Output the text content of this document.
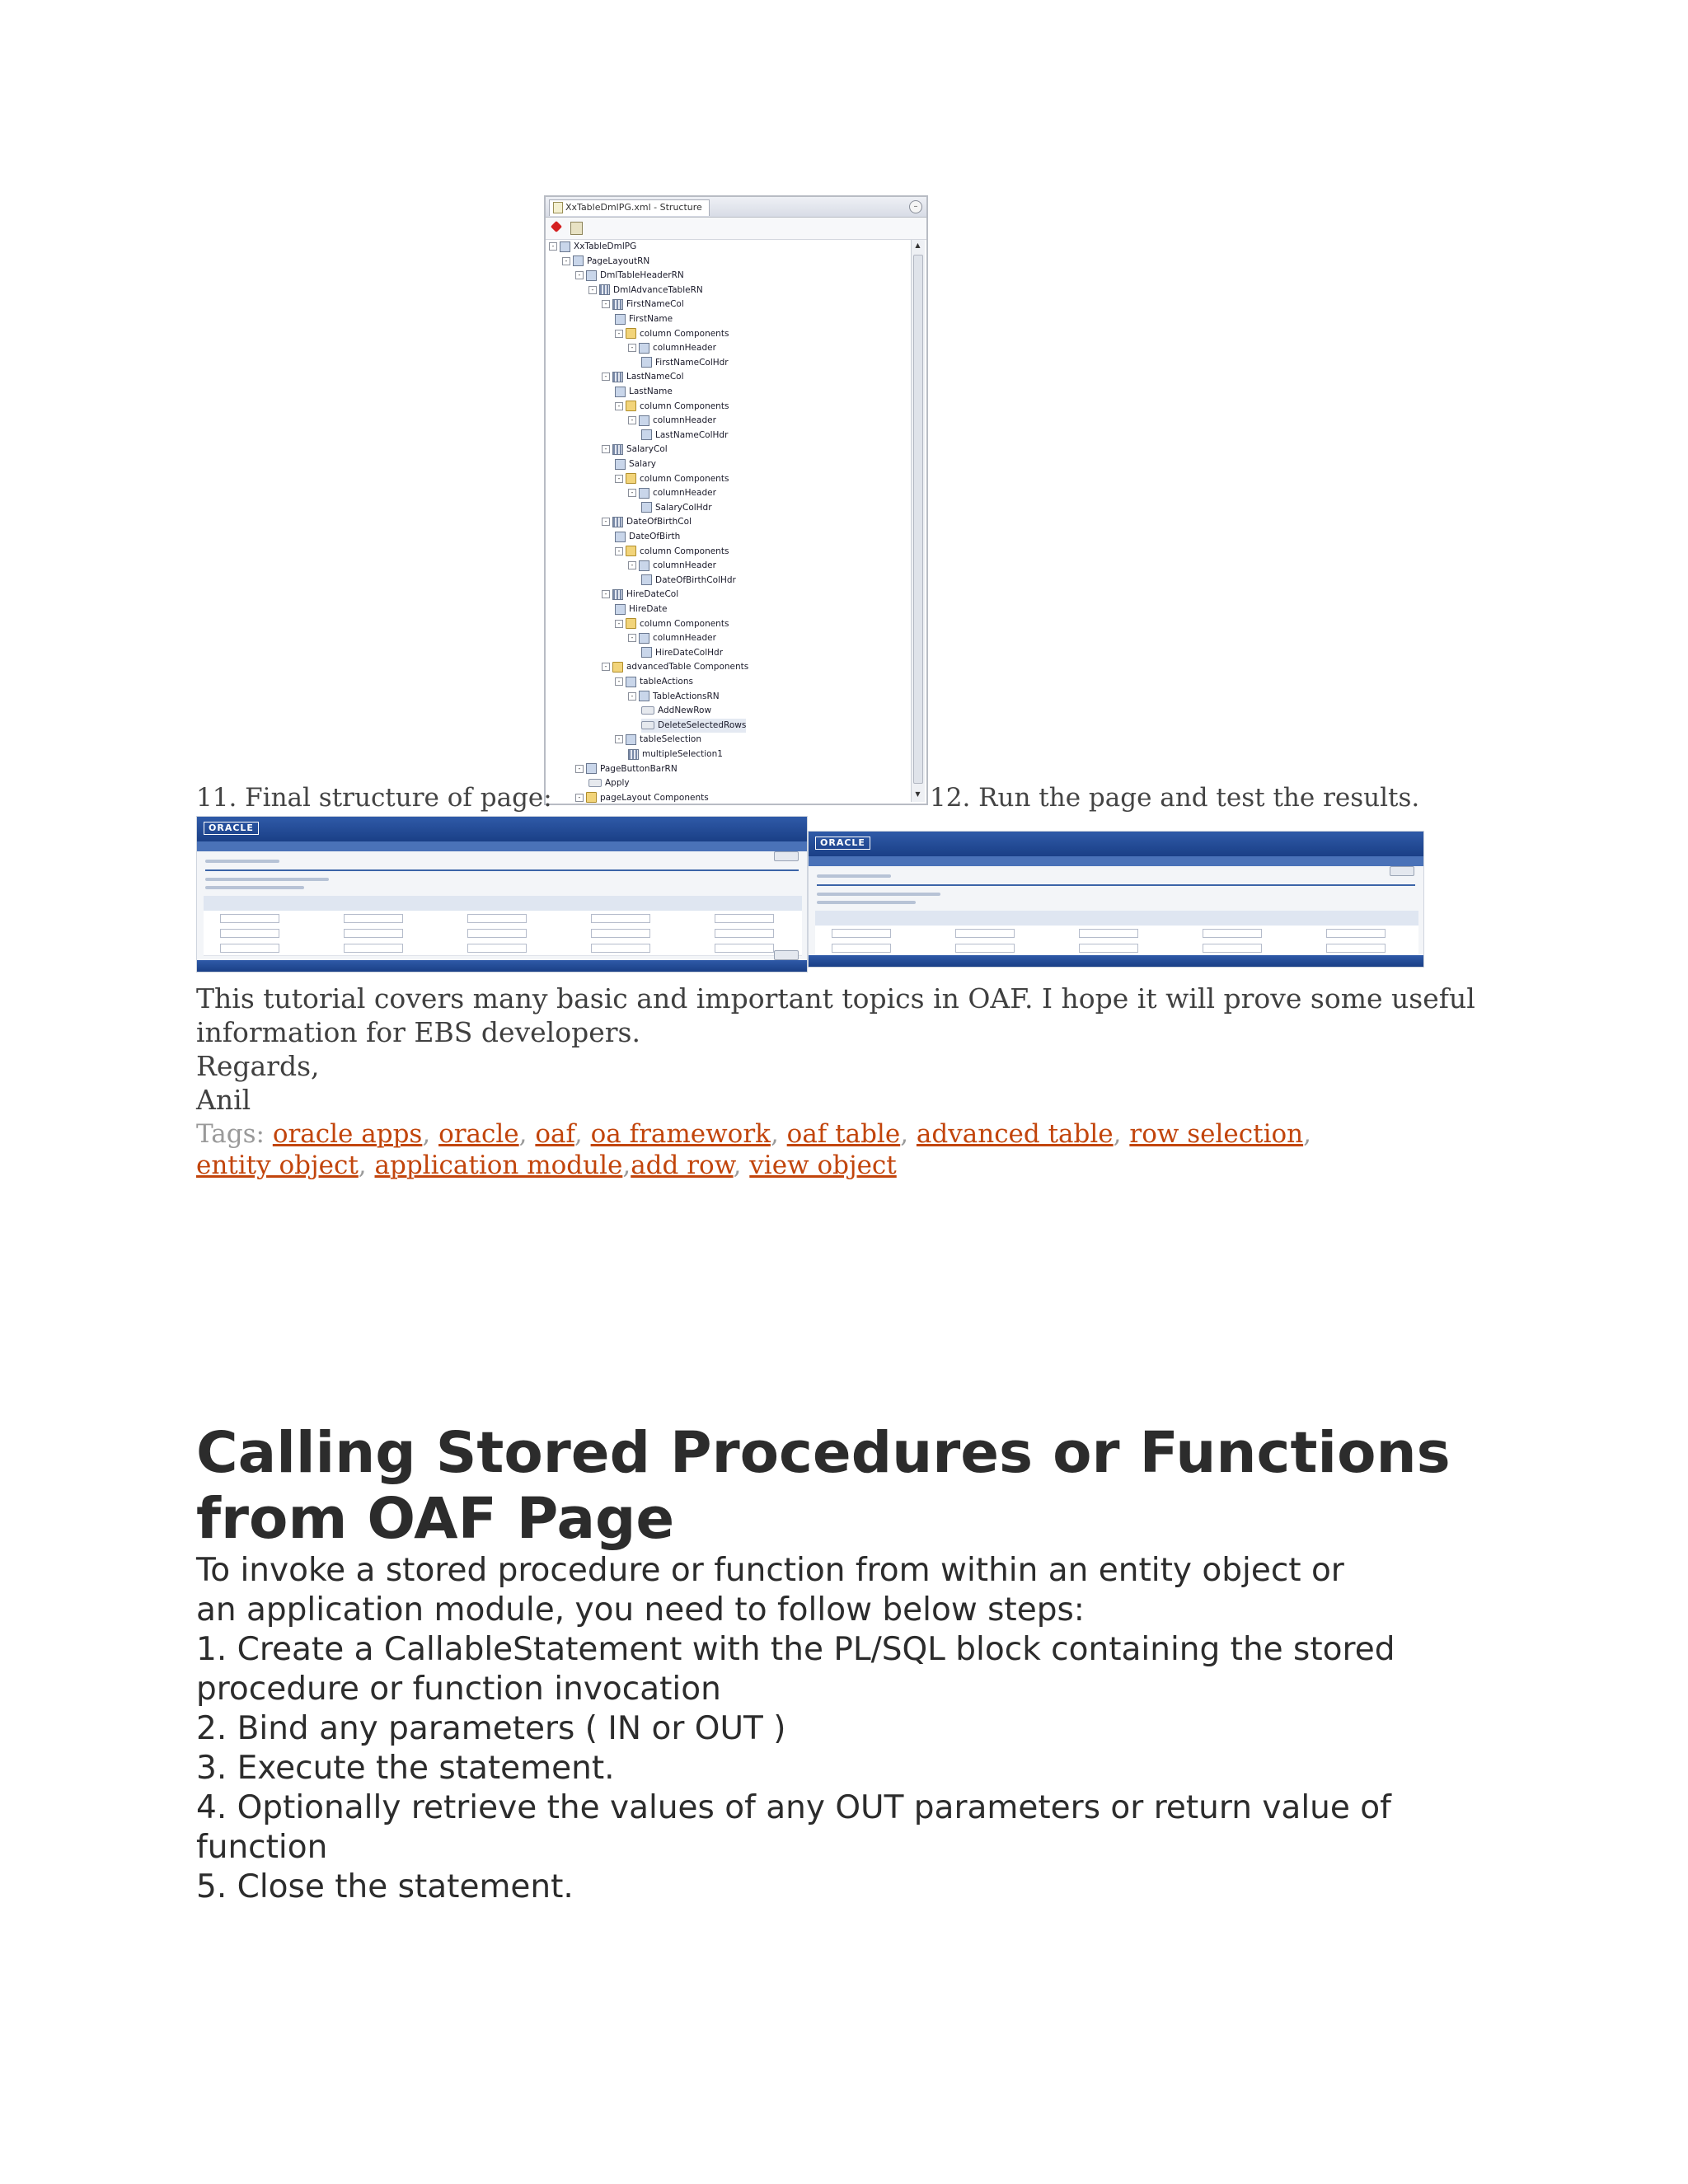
XxTableDmlPG.xml - Structure	–
- XxTableDmlPG
- PageLayoutRN
- DmlTableHeaderRN
- DmlAdvanceTableRN
- FirstNameCol
FirstName
- column Components
- columnHeader
FirstNameColHdr
- LastNameCol
LastName
- column Components
- columnHeader
LastNameColHdr
- SalaryCol
Salary
- column Components
- columnHeader
SalaryColHdr
- DateOfBirthCol
DateOfBirth
- column Components
- columnHeader
DateOfBirthColHdr
- HireDateCol
HireDate
- column Components
- columnHeader
HireDateColHdr
- advancedTable Components
- tableActions
- TableActionsRN
AddNewRow
DeleteSelectedRows
- tableSelection
multipleSelection1
- PageButtonBarRN
Apply
- pageLayout Components
▲
▼
11. Final structure of page:	12. Run the page and test the results.
ORACLE
ORACLE
This tutorial covers many basic and important topics in OAF. I hope it will prove some useful
information for EBS developers.
Regards,
Anil
Tags: oracle apps, oracle, oaf, oa framework, oaf table, advanced table, row selection, entity object, application module,add row, view object
Calling Stored Procedures or Functions from OAF Page
To invoke a stored procedure or function from within an entity object or
an application module, you need to follow below steps:
1. Create a CallableStatement with the PL/SQL block containing the stored
procedure or function invocation
2. Bind any parameters ( IN or OUT )
3. Execute the statement.
4. Optionally retrieve the values of any OUT parameters or return value of
function
5. Close the statement.
